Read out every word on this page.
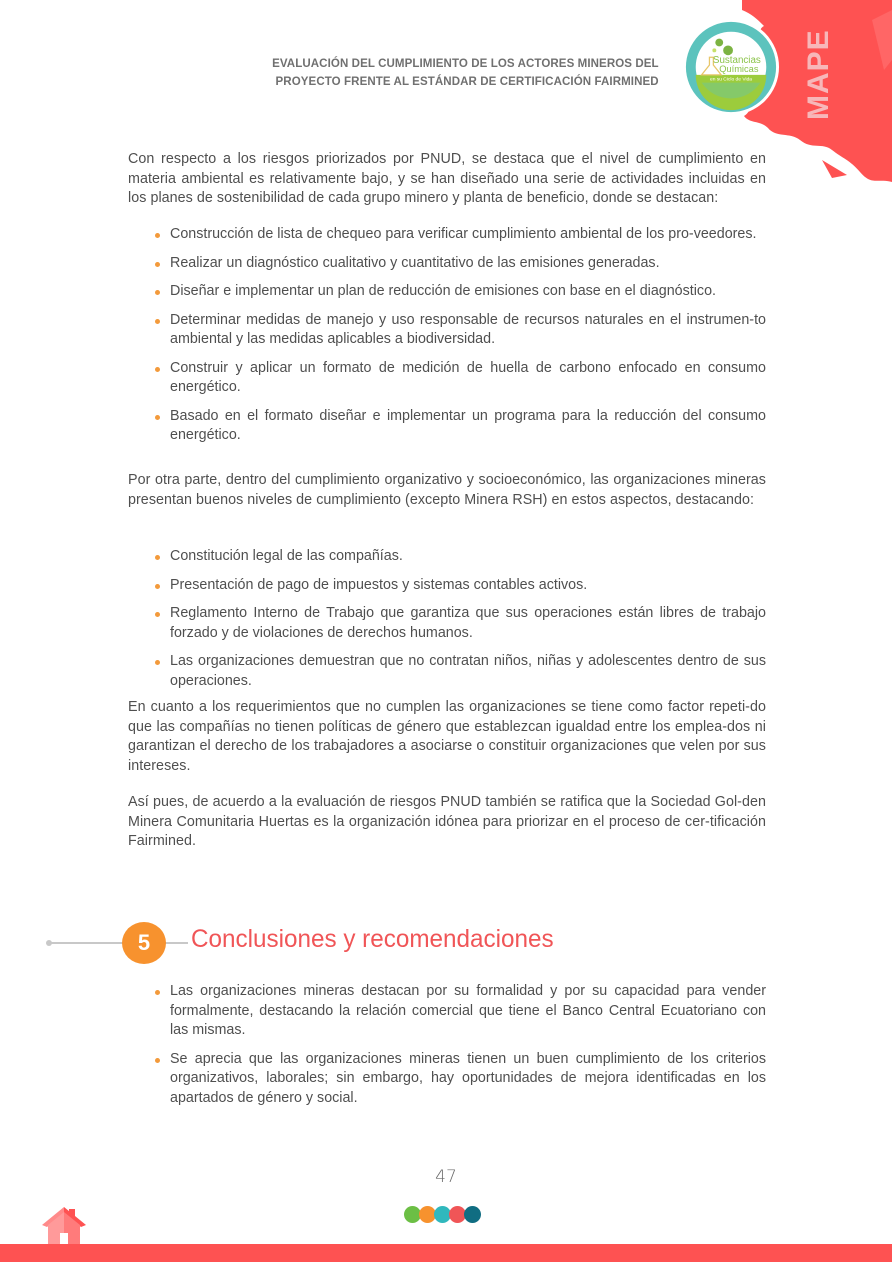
EVALUACIÓN DEL CUMPLIMIENTO DE LOS ACTORES MINEROS DEL
PROYECTO FRENTE AL ESTÁNDAR DE CERTIFICACIÓN FAIRMINED	MAPE
Sustancias
Químicas
en su Ciclo de Vida

Con respecto a los riesgos priorizados por PNUD, se destaca que el nivel de cumplimiento en materia ambiental es relativamente bajo, y se han diseñado una serie de actividades incluidas en los planes de sostenibilidad de cada grupo minero y planta de beneficio, donde se destacan:

Construcción de lista de chequeo para verificar cumplimiento ambiental de los pro-veedores.
Realizar un diagnóstico cualitativo y cuantitativo de las emisiones generadas.
Diseñar e implementar un plan de reducción de emisiones con base en el diagnóstico.
Determinar medidas de manejo y uso responsable de recursos naturales en el instrumen-to ambiental y las medidas aplicables a biodiversidad.
Construir y aplicar un formato de medición de huella de carbono enfocado en consumo energético.
Basado en el formato diseñar e implementar un programa para la reducción del consumo energético.

Por otra parte, dentro del cumplimiento organizativo y socioeconómico, las organizaciones mineras presentan buenos niveles de cumplimiento (excepto Minera RSH) en estos aspectos, destacando:

Constitución legal de las compañías.
Presentación de pago de impuestos y sistemas contables activos.
Reglamento Interno de Trabajo que garantiza que sus operaciones están libres de trabajo forzado y de violaciones de derechos humanos.
Las organizaciones demuestran que no contratan niños, niñas y adolescentes dentro de sus operaciones.

En cuanto a los requerimientos que no cumplen las organizaciones se tiene como factor repeti-do que las compañías no tienen políticas de género que establezcan igualdad entre los emplea-dos ni garantizan el derecho de los trabajadores a asociarse o constituir organizaciones que velen por sus intereses.

Así pues, de acuerdo a la evaluación de riesgos PNUD también se ratifica que la Sociedad Gol-den Minera Comunitaria Huertas es la organización idónea para priorizar en el proceso de cer-tificación Fairmined.

5	Conclusiones y recomendaciones
Las organizaciones mineras destacan por su formalidad y por su capacidad para vender formalmente, destacando la relación comercial que tiene el Banco Central Ecuatoriano con las mismas.
Se aprecia que las organizaciones mineras tienen un buen cumplimiento de los criterios organizativos, laborales; sin embargo, hay oportunidades de mejora identificadas en los apartados de género y social.
47
